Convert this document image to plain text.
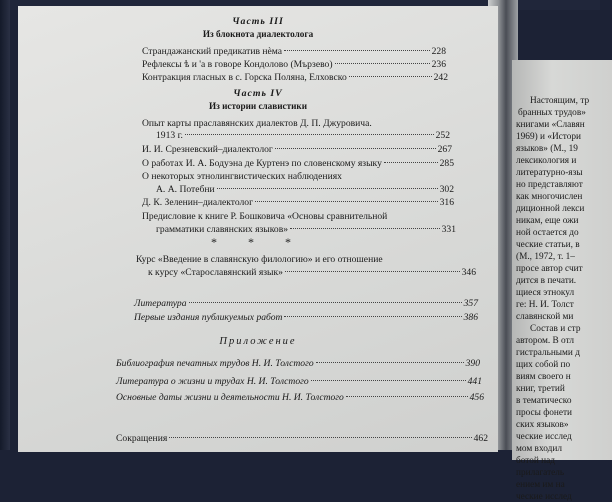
Часть III
Из блокнота диалектолога
Страндажанский предикатив нѐма	228
Рефлексы ѣ и 'а в говоре Кондолово (Мързево)	236
Контракция гласных в с. Горска Поляна, Елховско	242
Часть IV
Из истории славистики
Опыт карты праславянских диалектов Д. П. Джуровича.
1913 г.	252
И. И. Срезневский–диалектолог	267
О работах И. А. Бодуэна де Куртенэ по словенскому языку	285
О некоторых этнолингвистических наблюдениях
А. А. Потебни	302
Д. К. Зеленин–диалектолог	316
Предисловие к книге Р. Бошковича «Основы сравнительной
грамматики славянских языков»	331
* * *
Курс «Введение в славянскую филологию» и его отношение
к курсу «Старославянский язык»	346
Литература	357
Первые издания публикуемых работ	386
Приложение
Библиография печатных трудов Н. И. Толстого	390
Литература о жизни и трудах Н. И. Толстого	441
Основные даты жизни и деятельности Н. И. Толстого	456
Сокращения	462
Настоящим, тр
бранных трудов»
книгами «Славян
1969) и «Истори
языков» (М., 19
лексикология и
литературно-язы
но представляют
как многочислен
диционной лекси
никам, еще ожи
ной остается до
ческие статьи, в
(М., 1972, т. 1–
просе автор счит
дится в печати.
щиеся этнокул
ге: Н. И. Толст
славянской ми
Состав и стр
автором. В отл
гистральными д
щих собой по
виям своего н
книг, третий
в тематическо
просы фонети
ских языков»
ческие исслед
мом входил
ботой над
прилагатель
ением им на
ческие исслед
